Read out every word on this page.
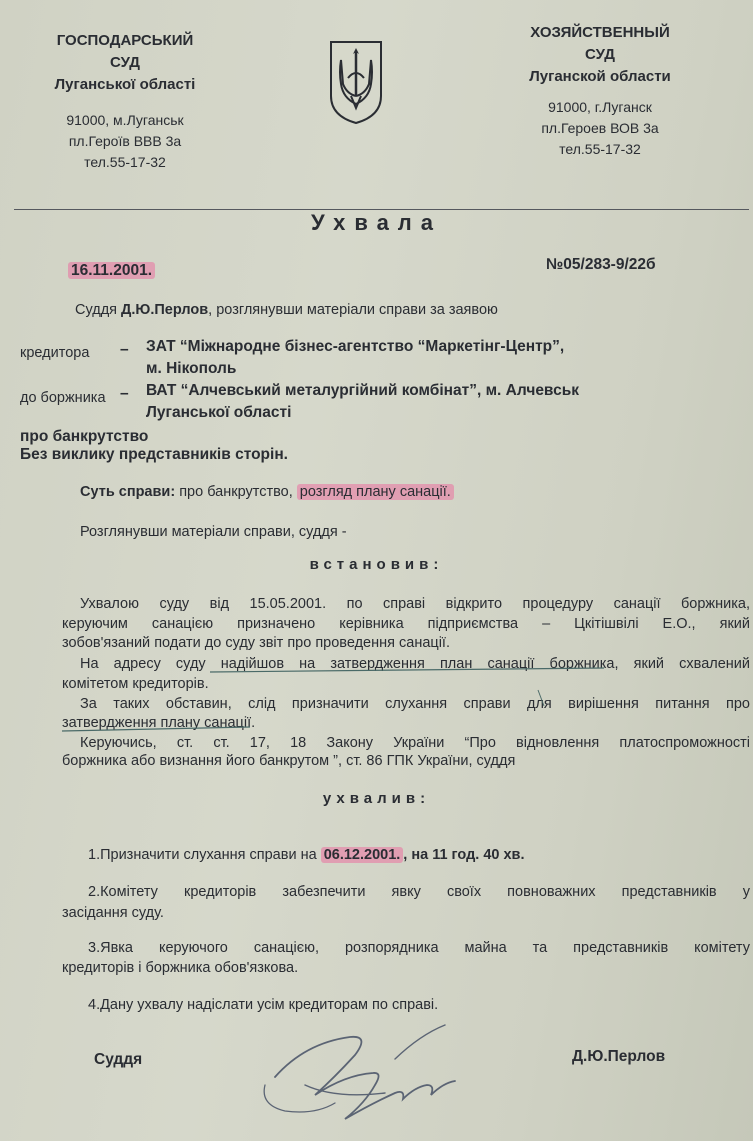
ГОСПОДАРСЬКИЙ
СУД
Луганської області
91000, м.Луганськ
пл.Героїв ВВВ 3а
тел.55-17-32
ХОЗЯЙСТВЕННЫЙ
СУД
Луганской области
91000, г.Луганск
пл.Героев ВОВ 3а
тел.55-17-32
Ухвала
16.11.2001.	№05/283-9/22б
Суддя Д.Ю.Перлов, розглянувши матеріали справи за заявою
кредитора – ЗАТ “Міжнародне бізнес-агентство “Маркетінг-Центр”,
м. Нікополь
до боржника – ВАТ “Алчевський металургійний комбінат”, м. Алчевськ
Луганської області
про банкрутство
Без виклику представників сторін.
Суть справи: про банкрутство, розгляд плану санації.
Розглянувши матеріали справи, суддя -
встановив:
Ухвалою суду від 15.05.2001. по справі відкрито процедуру санації боржника,
керуючим санацією призначено керівника підприємства – Цкітішвілі Е.О., який
зобов'язаний подати до суду звіт про проведення санації.
На адресу суду надійшов на затвердження план санації боржника, який схвалений
комітетом кредиторів.
За таких обставин, слід призначити слухання справи для вирішення питання про
затвердження плану санації.
Керуючись, ст. ст. 17, 18 Закону України “Про відновлення платоспроможності
боржника або визнання його банкрутом ”, ст. 86 ГПК України, суддя
ухвалив:
1.Призначити слухання справи на 06.12.2001. , на 11 год. 40 хв.
2.Комітету кредиторів забезпечити явку своїх повноважних представників у
засідання суду.
3.Явка керуючого санацією, розпорядника майна та представників комітету
кредиторів і боржника обов'язкова.
4.Дану ухвалу надіслати усім кредиторам по справі.
Суддя	Д.Ю.Перлов
